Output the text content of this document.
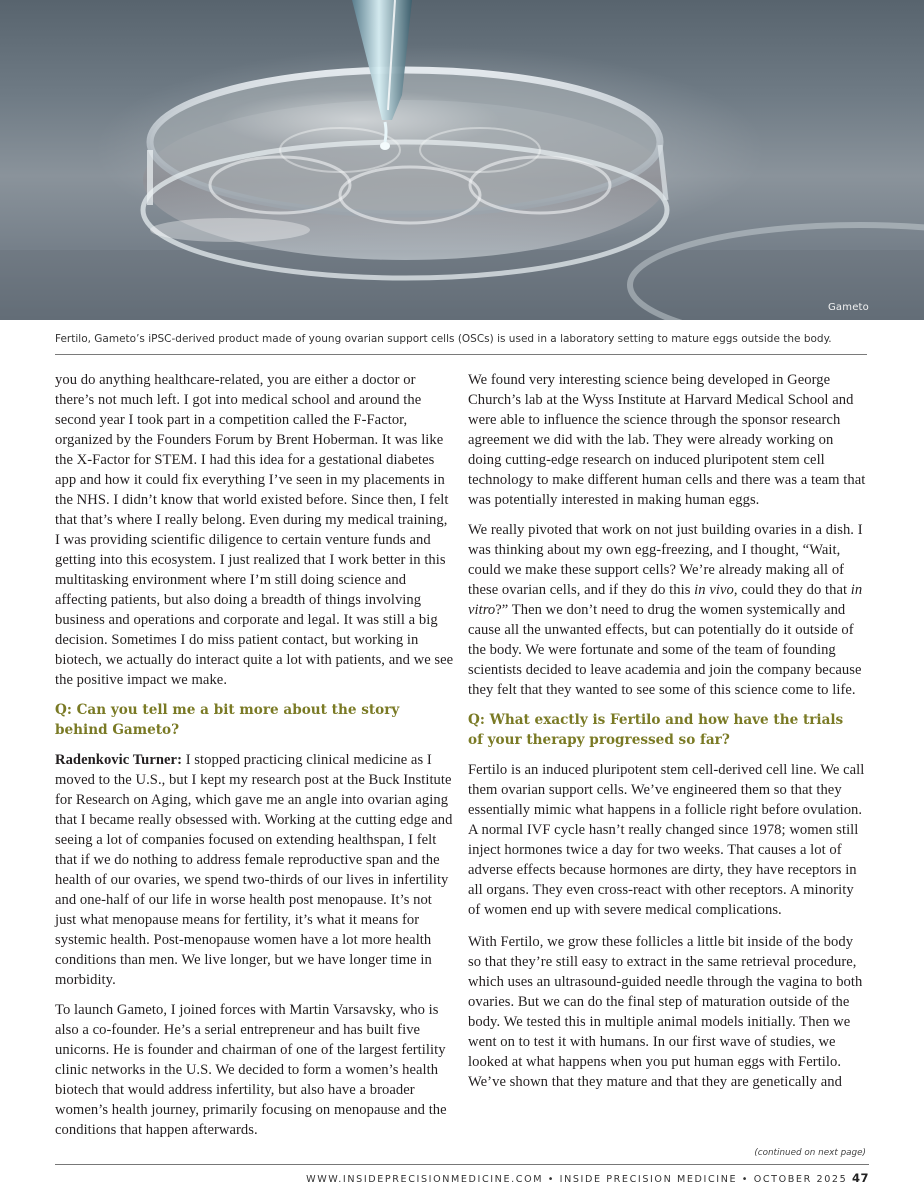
Gameto
Fertilo, Gameto’s iPSC-derived product made of young ovarian support cells (OSCs) is used in a laboratory setting to mature eggs outside the body.

you do anything healthcare-related, you are either a doctor or there’s not much left. I got into medical school and around the second year I took part in a competition called the F-Factor, organized by the Founders Forum by Brent Hoberman. It was like the X-Factor for STEM. I had this idea for a gestational diabetes app and how it could fix everything I’ve seen in my placements in the NHS. I didn’t know that world existed before. Since then, I felt that that’s where I really belong. Even during my medical training, I was providing scientific diligence to certain venture funds and getting into this ecosystem. I just realized that I work better in this multitasking environment where I’m still doing science and affecting patients, but also doing a breadth of things involving business and operations and corporate and legal. It was still a big decision. Sometimes I do miss patient contact, but working in biotech, we actually do interact quite a lot with patients, and we see the positive impact we make.

Q: Can you tell me a bit more about the story
behind Gameto?

Radenkovic Turner: I stopped practicing clinical medicine as I moved to the U.S., but I kept my research post at the Buck Institute for Research on Aging, which gave me an angle into ovarian aging that I became really obsessed with. Working at the cutting edge and seeing a lot of companies focused on extending healthspan, I felt that if we do nothing to address female reproductive span and the health of our ovaries, we spend two-thirds of our lives in infertility and one-half of our life in worse health post menopause. It’s not just what menopause means for fertility, it’s what it means for systemic health. Post-menopause women have a lot more health conditions than men. We live longer, but we have longer time in morbidity.

To launch Gameto, I joined forces with Martin Varsavsky, who is also a co-founder. He’s a serial entrepreneur and has built five unicorns. He is founder and chairman of one of the largest fertility clinic networks in the U.S. We decided to form a women’s health biotech that would address infertility, but also have a broader women’s health journey, primarily focusing on menopause and the conditions that happen afterwards.

We found very interesting science being developed in George Church’s lab at the Wyss Institute at Harvard Medical School and were able to influence the science through the sponsor research agreement we did with the lab. They were already working on doing cutting-edge research on induced pluripotent stem cell technology to make different human cells and there was a team that was potentially interested in making human eggs.

We really pivoted that work on not just building ovaries in a dish. I was thinking about my own egg-freezing, and I thought, “Wait, could we make these support cells? We’re already making all of these ovarian cells, and if they do this in vivo, could they do that in vitro?” Then we don’t need to drug the women systemically and cause all the unwanted effects, but can potentially do it outside of the body. We were fortunate and some of the team of founding scientists decided to leave academia and join the company because they felt that they wanted to see some of this science come to life.

Q: What exactly is Fertilo and how have the trials
of your therapy progressed so far?

Fertilo is an induced pluripotent stem cell-derived cell line. We call them ovarian support cells. We’ve engineered them so that they essentially mimic what happens in a follicle right before ovulation. A normal IVF cycle hasn’t really changed since 1978; women still inject hormones twice a day for two weeks. That causes a lot of adverse effects because hormones are dirty, they have receptors in all organs. They even cross-react with other receptors. A minority of women end up with severe medical complications.

With Fertilo, we grow these follicles a little bit inside of the body so that they’re still easy to extract in the same retrieval procedure, which uses an ultrasound-guided needle through the vagina to both ovaries. But we can do the final step of maturation outside of the body. We tested this in multiple animal models initially. Then we went on to test it with humans. In our first wave of studies, we looked at what happens when you put human eggs with Fertilo. We’ve shown that they mature and that they are genetically and

(continued on next page)
WWW.INSIDEPRECISIONMEDICINE.COM • INSIDE PRECISION MEDICINE • OCTOBER 2025 47
